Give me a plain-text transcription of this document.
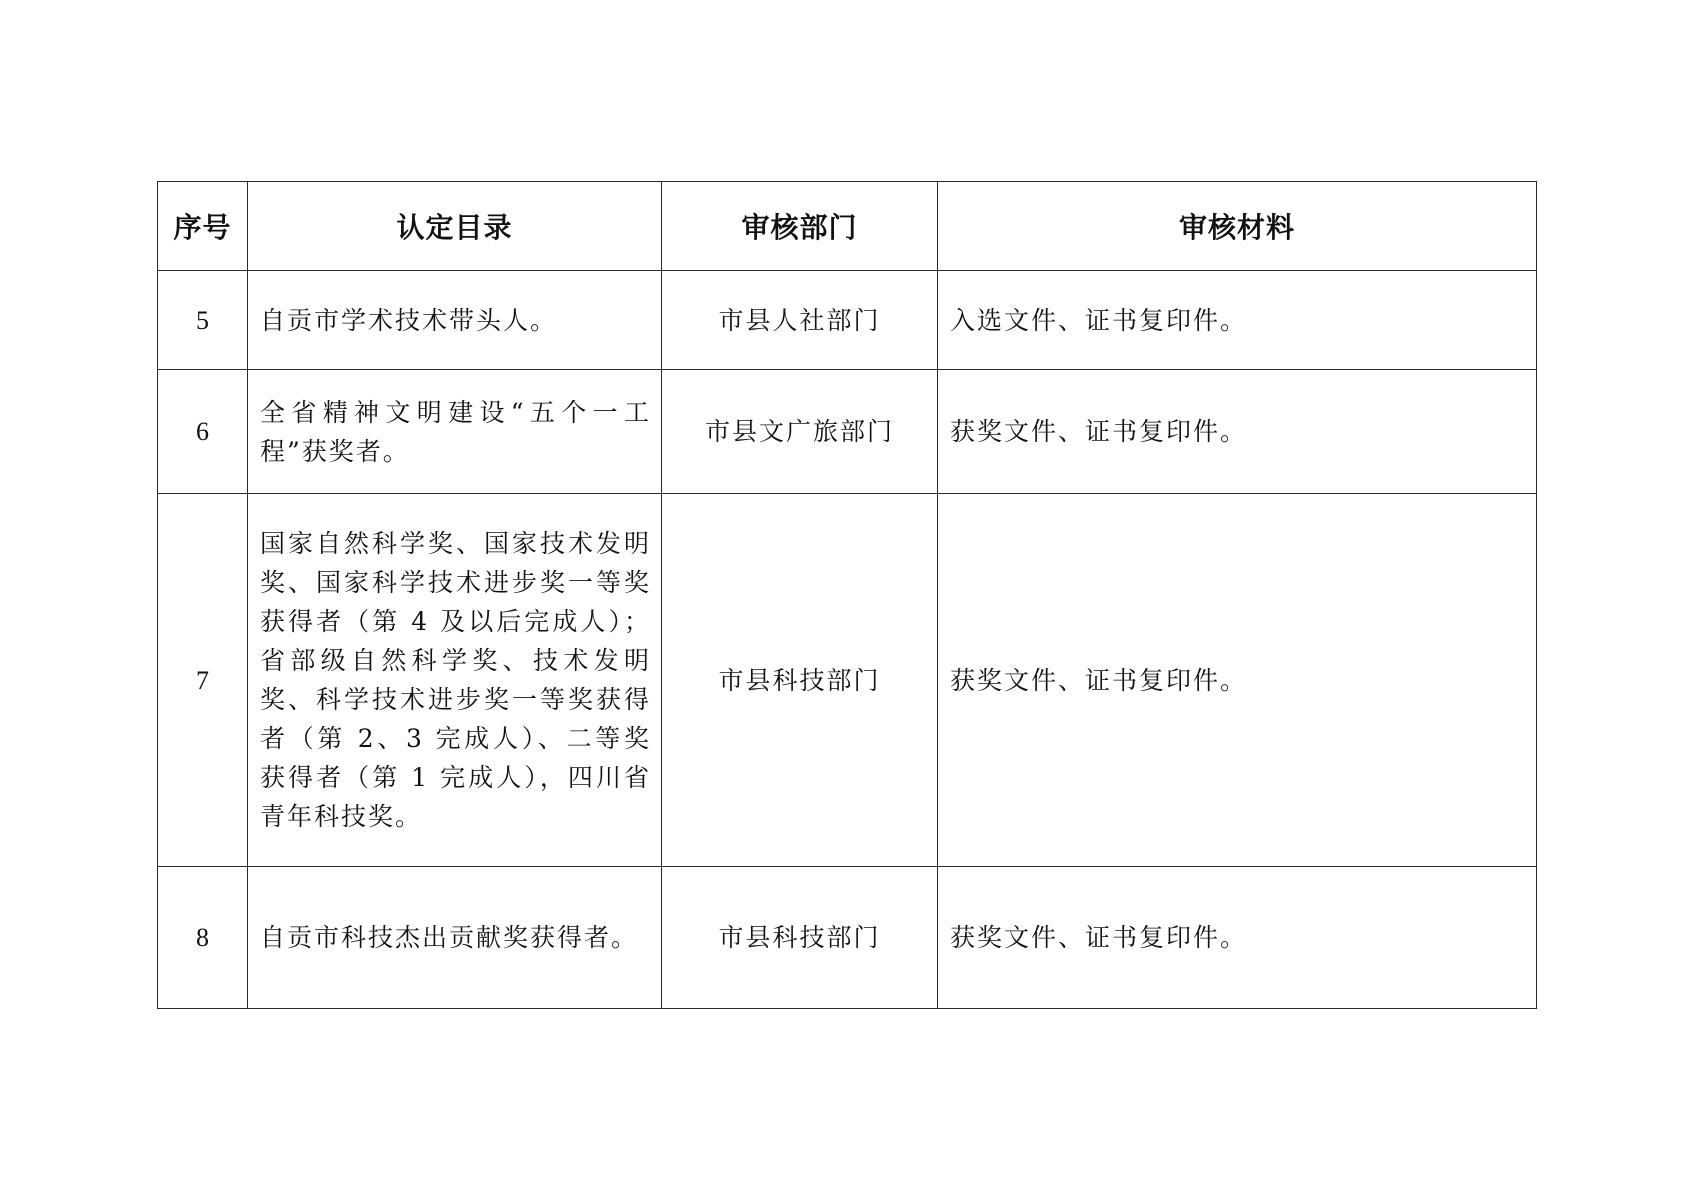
序号	认定目录	审核部门	审核材料
5	自贡市学术技术带头人。	市县人社部门	入选文件、证书复印件。
6	全省精神文明建设“五个一工程”获奖者。	市县文广旅部门	获奖文件、证书复印件。
7	国家自然科学奖、国家技术发明奖、国家科学技术进步奖一等奖获得者（第 4 及以后完成人）；省部级自然科学奖、技术发明奖、科学技术进步奖一等奖获得者（第 2、3 完成人）、二等奖获得者（第 1 完成人），四川省青年科技奖。	市县科技部门	获奖文件、证书复印件。
8	自贡市科技杰出贡献奖获得者。	市县科技部门	获奖文件、证书复印件。
